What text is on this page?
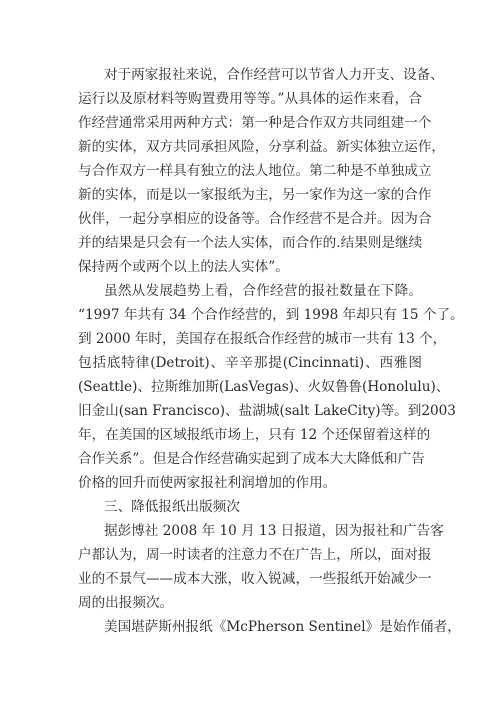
对于两家报社来说，合作经营可以节省人力开支、设备、
运行以及原材料等购置费用等等。”从具体的运作来看，合
作经营通常采用两种方式：第一种是合作双方共同组建一个
新的实体，双方共同承担风险，分享利益。新实体独立运作，
与合作双方一样具有独立的法人地位。第二种是不单独成立
新的实体，而是以一家报纸为主，另一家作为这一家的合作
伙伴，一起分享相应的设备等。合作经营不是合并。因为合
并的结果是只会有一个法人实体，而合作的.结果则是继续
保持两个或两个以上的法人实体”。
虽然从发展趋势上看，合作经营的报社数量在下降。
“1997 年共有 34 个合作经营的，到 1998 年却只有 15 个了。
到 2000 年时，美国存在报纸合作经营的城市一共有 13 个，
包括底特律(Detroit)、辛辛那提(Cincinnati)、西雅图
(Seattle)、拉斯维加斯(LasVegas)、火奴鲁鲁(Honolulu)、
旧金山(san Francisco)、盐湖城(salt LakeCity)等。到2003
年，在美国的区域报纸市场上，只有 12 个还保留着这样的
合作关系”。但是合作经营确实起到了成本大大降低和广告
价格的回升而使两家报社利润增加的作用。
三、降低报纸出版频次
据彭博社 2008 年 10 月 13 日报道，因为报社和广告客
户都认为，周一时读者的注意力不在广告上，所以，面对报
业的不景气——成本大涨，收入锐减，一些报纸开始减少一
周的出报频次。
美国堪萨斯州报纸《McPherson Sentinel》是始作俑者，
